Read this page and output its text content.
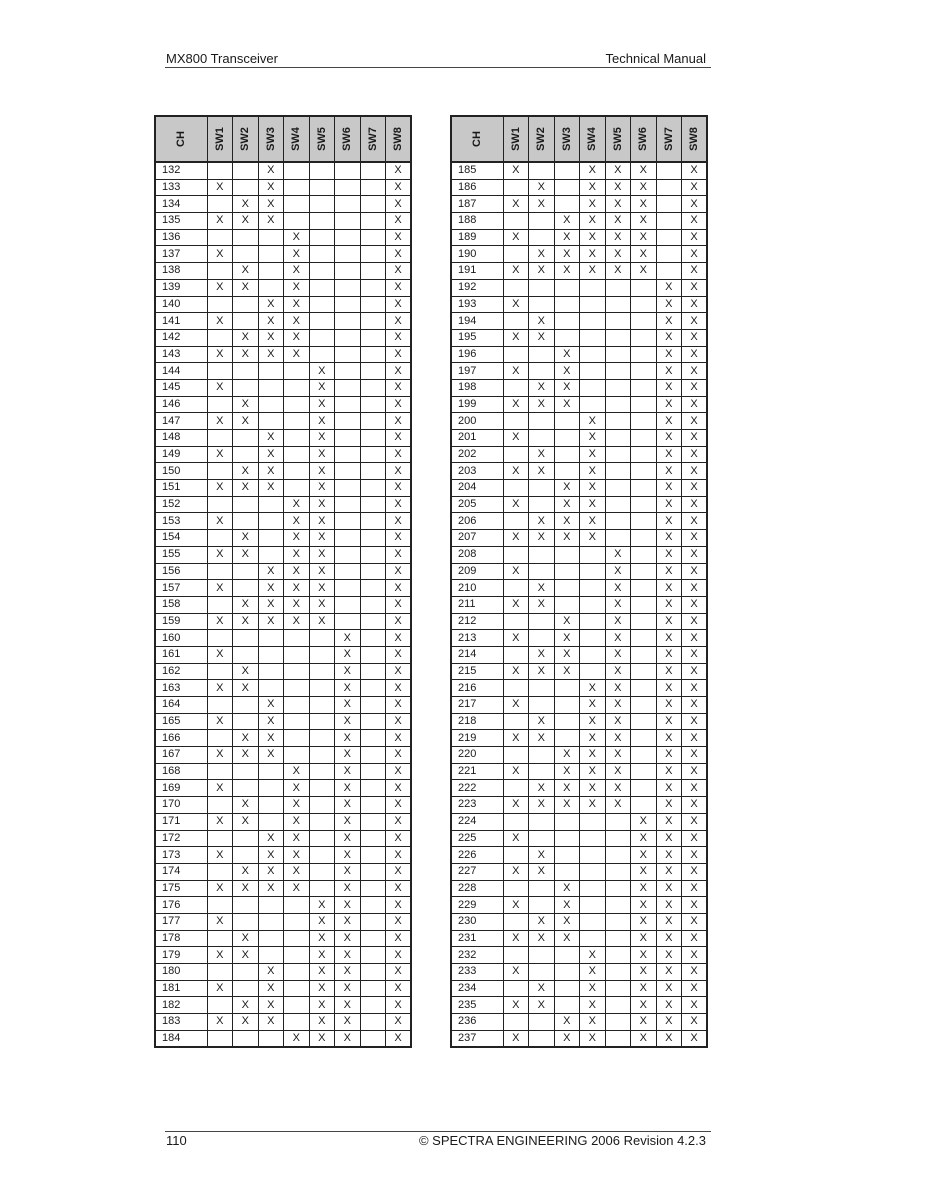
MX800 Transceiver	Technical Manual
CH	SW1	SW2	SW3	SW4	SW5	SW6	SW7	SW8
132			X					X
133	X		X					X
134		X	X					X
135	X	X	X					X
136				X				X
137	X			X				X
138		X		X				X
139	X	X		X				X
140			X	X				X
141	X		X	X				X
142		X	X	X				X
143	X	X	X	X				X
144					X			X
145	X				X			X
146		X			X			X
147	X	X			X			X
148			X		X			X
149	X		X		X			X
150		X	X		X			X
151	X	X	X		X			X
152				X	X			X
153	X			X	X			X
154		X		X	X			X
155	X	X		X	X			X
156			X	X	X			X
157	X		X	X	X			X
158		X	X	X	X			X
159	X	X	X	X	X			X
160						X		X
161	X					X		X
162		X				X		X
163	X	X				X		X
164			X			X		X
165	X		X			X		X
166		X	X			X		X
167	X	X	X			X		X
168				X		X		X
169	X			X		X		X
170		X		X		X		X
171	X	X		X		X		X
172			X	X		X		X
173	X		X	X		X		X
174		X	X	X		X		X
175	X	X	X	X		X		X
176					X	X		X
177	X				X	X		X
178		X			X	X		X
179	X	X			X	X		X
180			X		X	X		X
181	X		X		X	X		X
182		X	X		X	X		X
183	X	X	X		X	X		X
184				X	X	X		X
CH	SW1	SW2	SW3	SW4	SW5	SW6	SW7	SW8
185	X			X	X	X		X
186		X		X	X	X		X
187	X	X		X	X	X		X
188			X	X	X	X		X
189	X		X	X	X	X		X
190		X	X	X	X	X		X
191	X	X	X	X	X	X		X
192							X	X
193	X						X	X
194		X					X	X
195	X	X					X	X
196			X				X	X
197	X		X				X	X
198		X	X				X	X
199	X	X	X				X	X
200				X			X	X
201	X			X			X	X
202		X		X			X	X
203	X	X		X			X	X
204			X	X			X	X
205	X		X	X			X	X
206		X	X	X			X	X
207	X	X	X	X			X	X
208					X		X	X
209	X				X		X	X
210		X			X		X	X
211	X	X			X		X	X
212			X		X		X	X
213	X		X		X		X	X
214		X	X		X		X	X
215	X	X	X		X		X	X
216				X	X		X	X
217	X			X	X		X	X
218		X		X	X		X	X
219	X	X		X	X		X	X
220			X	X	X		X	X
221	X		X	X	X		X	X
222		X	X	X	X		X	X
223	X	X	X	X	X		X	X
224						X	X	X
225	X					X	X	X
226		X				X	X	X
227	X	X				X	X	X
228			X			X	X	X
229	X		X			X	X	X
230		X	X			X	X	X
231	X	X	X			X	X	X
232				X		X	X	X
233	X			X		X	X	X
234		X		X		X	X	X
235	X	X		X		X	X	X
236			X	X		X	X	X
237	X		X	X		X	X	X
110	© SPECTRA ENGINEERING 2006 Revision 4.2.3
